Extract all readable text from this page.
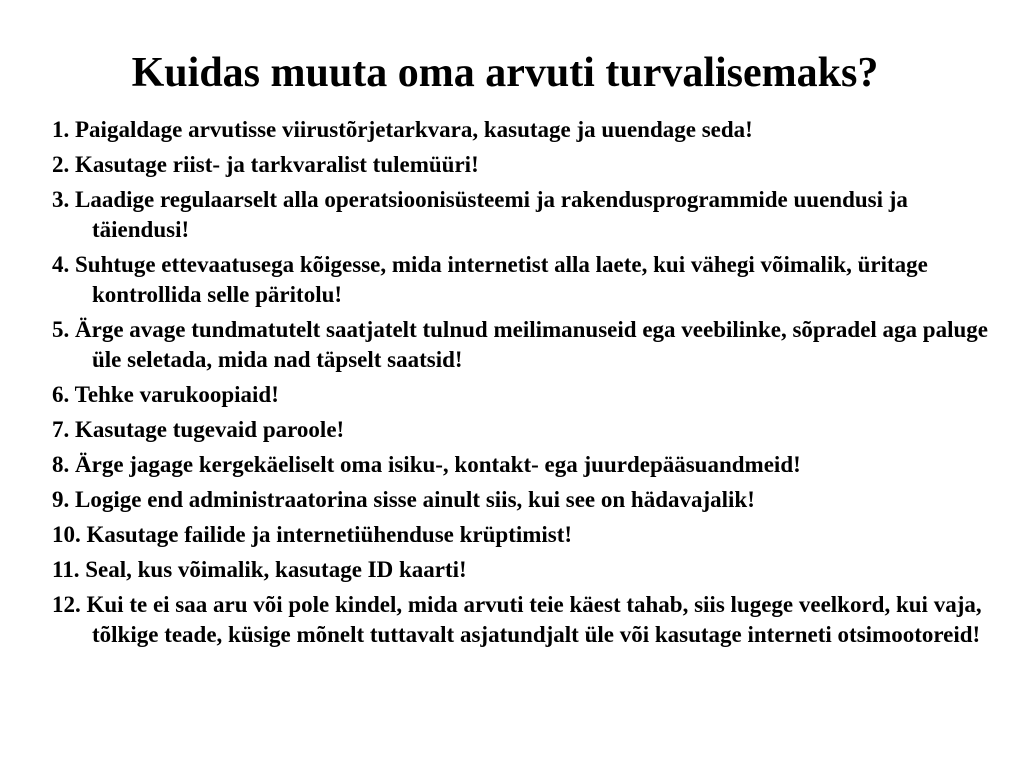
Kuidas muuta oma arvuti turvalisemaks?
1. Paigaldage arvutisse viirustõrjetarkvara, kasutage ja uuendage seda!
2. Kasutage riist- ja tarkvaralist tulemüüri!
3. Laadige regulaarselt alla operatsioonisüsteemi ja rakendusprogrammide uuendusi ja täiendusi!
4. Suhtuge ettevaatusega kõigesse, mida internetist alla laete, kui vähegi võimalik, üritage kontrollida selle päritolu!
5. Ärge avage tundmatutelt saatjatelt tulnud meilimanuseid ega veebilinke, sõpradel aga paluge üle seletada, mida nad täpselt saatsid!
6. Tehke varukoopiaid!
7. Kasutage tugevaid paroole!
8. Ärge jagage kergekäeliselt oma isiku-, kontakt- ega juurdepääsuandmeid!
9. Logige end administraatorina sisse ainult siis, kui see on hädavajalik!
10. Kasutage failide ja internetiühenduse krüptimist!
11. Seal, kus võimalik, kasutage ID kaarti!
12. Kui te ei saa aru või pole kindel, mida arvuti teie käest tahab, siis lugege veelkord, kui vaja, tõlkige teade, küsige mõnelt tuttavalt asjatundjalt üle või kasutage interneti otsimootoreid!
